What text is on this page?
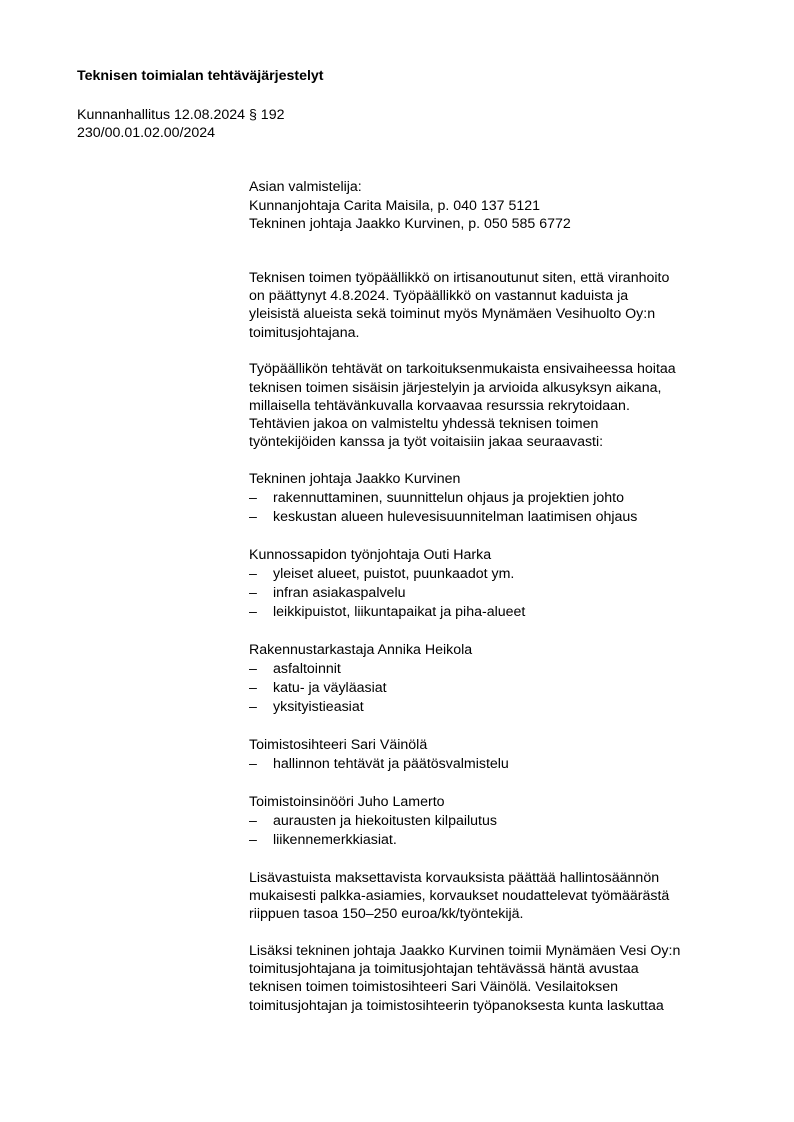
Teknisen toimialan tehtäväjärjestelyt
Kunnanhallitus 12.08.2024 § 192
230/00.01.02.00/2024
Asian valmistelija:
Kunnanjohtaja Carita Maisila, p. 040 137 5121
Tekninen johtaja Jaakko Kurvinen, p. 050 585 6772
Teknisen toimen työpäällikkö on irtisanoutunut siten, että viranhoito
on päättynyt 4.8.2024. Työpäällikkö on vastannut kaduista ja
yleisistä alueista sekä toiminut myös Mynämäen Vesihuolto Oy:n
toimitusjohtajana.
Työpäällikön tehtävät on tarkoituksenmukaista ensivaiheessa hoitaa
teknisen toimen sisäisin järjestelyin ja arvioida alkusyksyn aikana,
millaisella tehtävänkuvalla korvaavaa resurssia rekrytoidaan.
Tehtävien jakoa on valmisteltu yhdessä teknisen toimen
työntekijöiden kanssa ja työt voitaisiin jakaa seuraavasti:
Tekninen johtaja Jaakko Kurvinen
–	rakennuttaminen, suunnittelun ohjaus ja projektien johto
–	keskustan alueen hulevesisuunnitelman laatimisen ohjaus
Kunnossapidon työnjohtaja Outi Harka
–	yleiset alueet, puistot, puunkaadot ym.
–	infran asiakaspalvelu
–	leikkipuistot, liikuntapaikat ja piha-alueet
Rakennustarkastaja Annika Heikola
–	asfaltoinnit
–	katu- ja väyläasiat
–	yksityistieasiat
Toimistosihteeri Sari Väinölä
–	hallinnon tehtävät ja päätösvalmistelu
Toimistoinsinööri Juho Lamerto
–	aurausten ja hiekoitusten kilpailutus
–	liikennemerkkiasiat.
Lisävastuista maksettavista korvauksista päättää hallintosäännön
mukaisesti palkka-asiamies, korvaukset noudattelevat työmäärästä
riippuen tasoa 150–250 euroa/kk/työntekijä.
Lisäksi tekninen johtaja Jaakko Kurvinen toimii Mynämäen Vesi Oy:n
toimitusjohtajana ja toimitusjohtajan tehtävässä häntä avustaa
teknisen toimen toimistosihteeri Sari Väinölä. Vesilaitoksen
toimitusjohtajan ja toimistosihteerin työpanoksesta kunta laskuttaa
